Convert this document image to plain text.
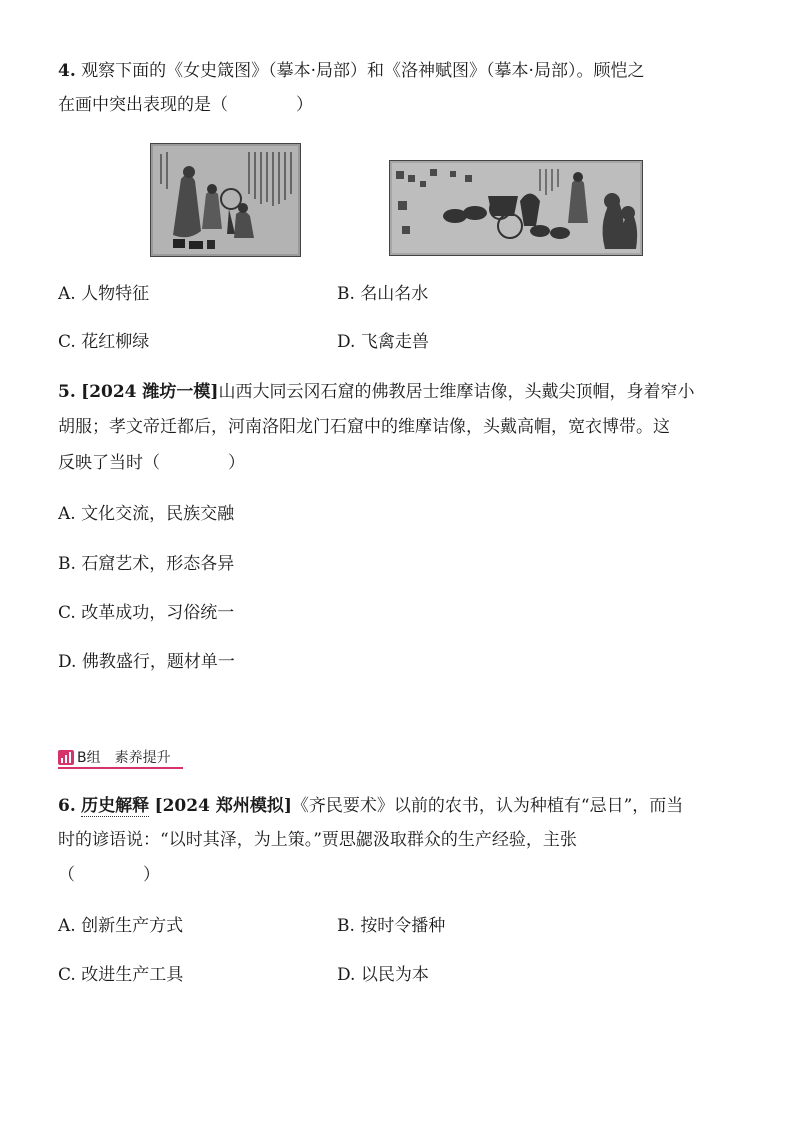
4. 观察下面的《女史箴图》（摹本·局部）和《洛神赋图》（摹本·局部）。顾恺之
在画中突出表现的是（　　　　）
A. 人物特征	B. 名山名水
C. 花红柳绿	D. 飞禽走兽
5. [2024 潍坊一模]山西大同云冈石窟的佛教居士维摩诘像，头戴尖顶帽，身着窄小
胡服；孝文帝迁都后，河南洛阳龙门石窟中的维摩诘像，头戴高帽，宽衣博带。这
反映了当时（　　　　）
A. 文化交流，民族交融
B. 石窟艺术，形态各异
C. 改革成功，习俗统一
D. 佛教盛行，题材单一
B组　素养提升
6. 历史解释 [2024 郑州模拟]《齐民要术》以前的农书，认为种植有“忌日”，而当
时的谚语说：“以时其泽，为上策。”贾思勰汲取群众的生产经验，主张
（　　　　）
A. 创新生产方式	B. 按时令播种
C. 改进生产工具	D. 以民为本
